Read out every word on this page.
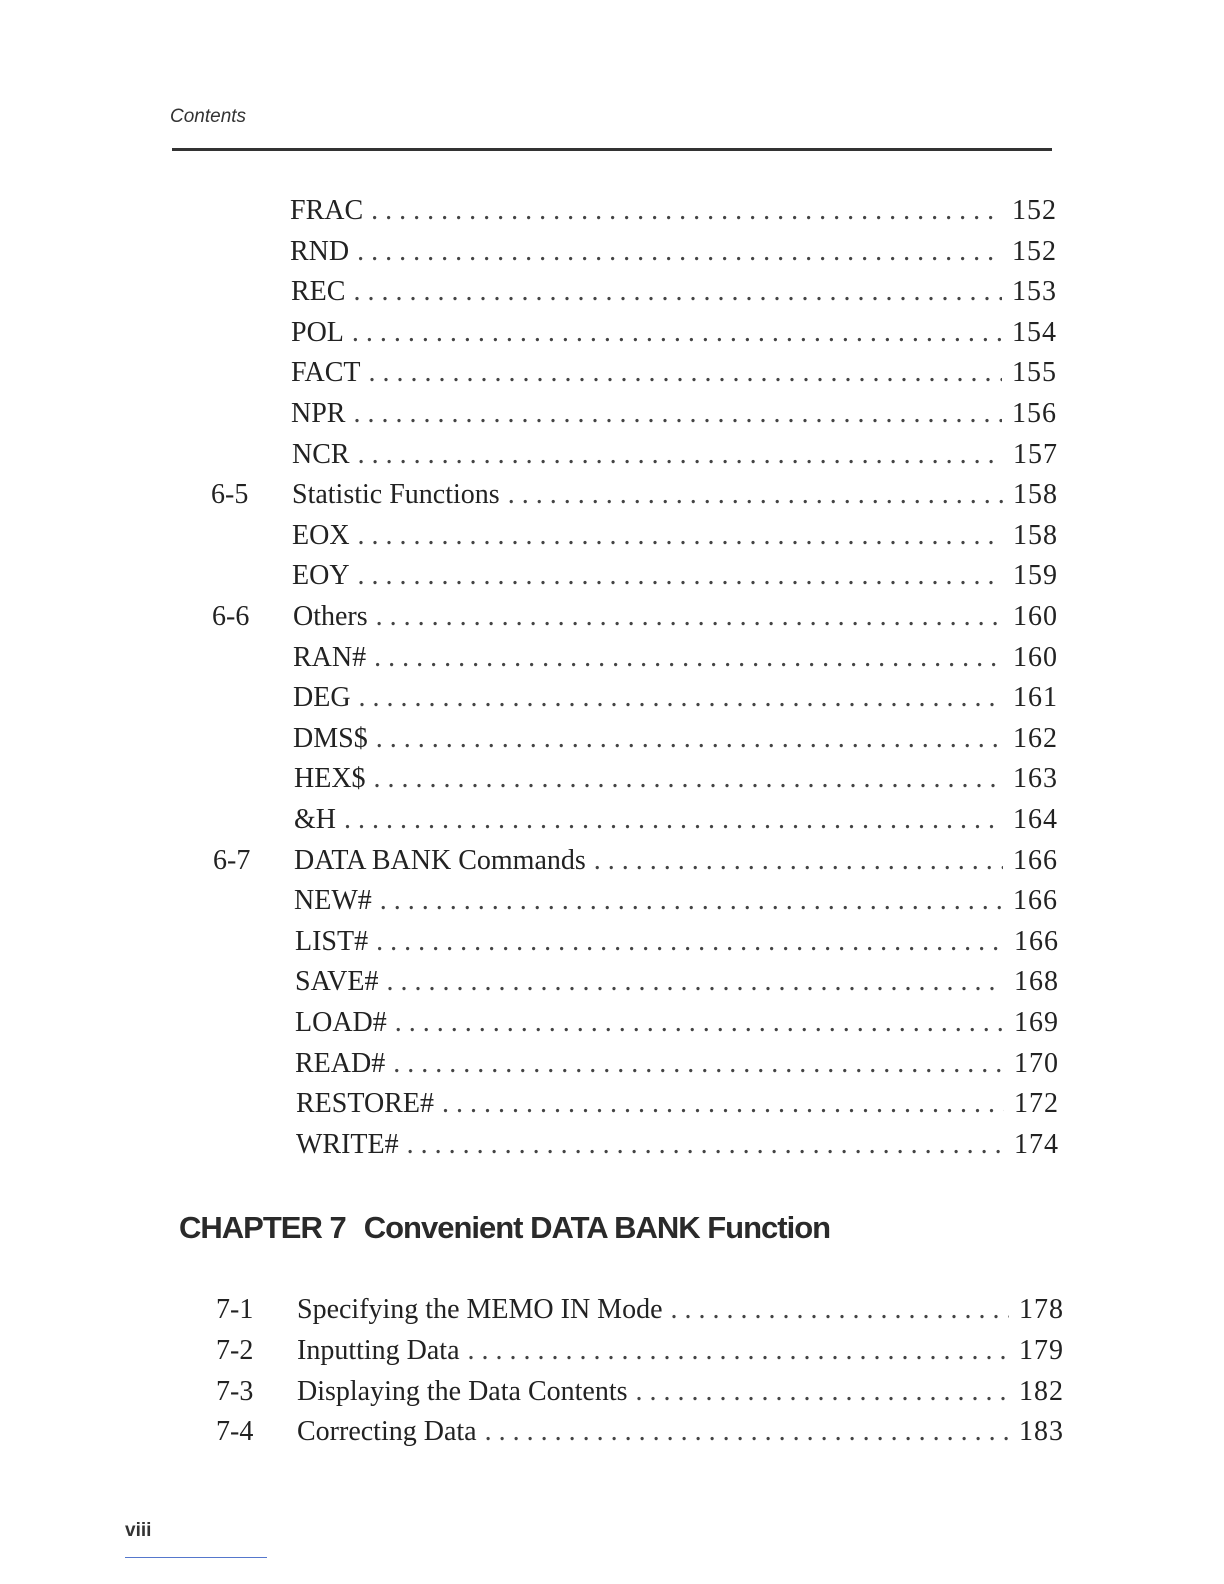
Contents
FRAC . . .	152
RND . . .	152
REC . . .	153
POL . . .	154
FACT . . .	155
NPR . . .	156
NCR . . .	157
6-5	Statistic Functions . . .	158
EOX . . .	158
EOY . . .	159
6-6	Others . . .	160
RAN# . . .	160
DEG . . .	161
DMS$ . . .	162
HEX$ . . .	163
&H . . .	164
6-7	DATA BANK Commands . . .	166
NEW# . . .	166
LIST# . . .	166
SAVE# . . .	168
LOAD# . . .	169
READ# . . .	170
RESTORE# . . .	172
WRITE# . . .	174
7-1	Specifying the MEMO IN Mode . . .	178
7-2	Inputting Data . . .	179
7-3	Displaying the Data Contents . . .	182
7-4	Correcting Data . . .	183
CHAPTER 7 Convenient DATA BANK Function
viii
